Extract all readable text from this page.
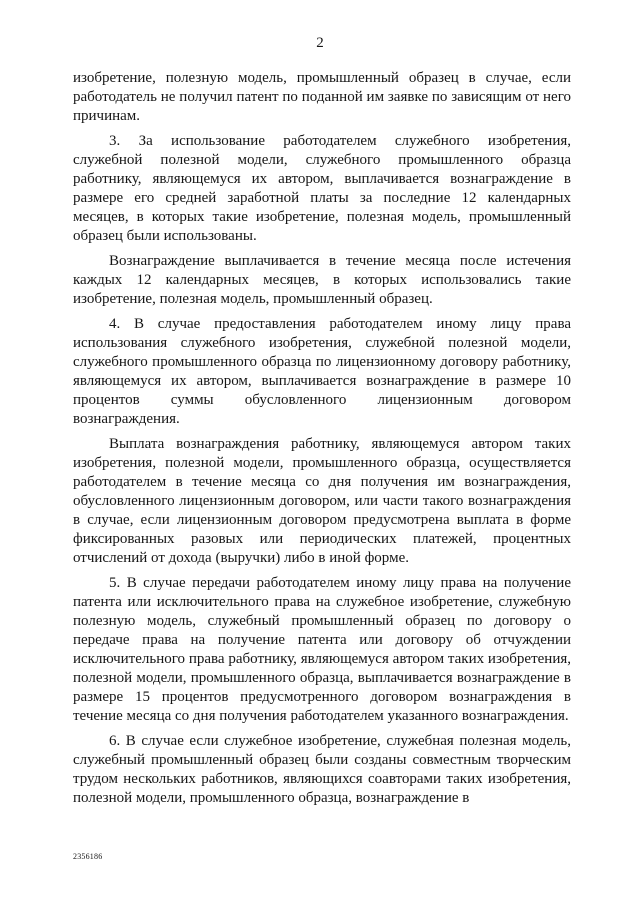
2

изобретение, полезную модель, промышленный образец в случае, если работодатель не получил патент по поданной им заявке по зависящим от него причинам.

3. За использование работодателем служебного изобретения, служебной полезной модели, служебного промышленного образца работнику, являющемуся их автором, выплачивается вознаграждение в размере его средней заработной платы за последние 12 календарных месяцев, в которых такие изобретение, полезная модель, промышленный образец были использованы.

Вознаграждение выплачивается в течение месяца после истечения каждых 12 календарных месяцев, в которых использовались такие изобретение, полезная модель, промышленный образец.

4. В случае предоставления работодателем иному лицу права использования служебного изобретения, служебной полезной модели, служебного промышленного образца по лицензионному договору работнику, являющемуся их автором, выплачивается вознаграждение в размере 10 процентов суммы обусловленного лицензионным договором вознаграждения.

Выплата вознаграждения работнику, являющемуся автором таких изобретения, полезной модели, промышленного образца, осуществляется работодателем в течение месяца со дня получения им вознаграждения, обусловленного лицензионным договором, или части такого вознаграждения в случае, если лицензионным договором предусмотрена выплата в форме фиксированных разовых или периодических платежей, процентных отчислений от дохода (выручки) либо в иной форме.

5. В случае передачи работодателем иному лицу права на получение патента или исключительного права на служебное изобретение, служебную полезную модель, служебный промышленный образец по договору о передаче права на получение патента или договору об отчуждении исключительного права работнику, являющемуся автором таких изобретения, полезной модели, промышленного образца, выплачивается вознаграждение в размере 15 процентов предусмотренного договором вознаграждения в течение месяца со дня получения работодателем указанного вознаграждения.

6. В случае если служебное изобретение, служебная полезная модель, служебный промышленный образец были созданы совместным творческим трудом нескольких работников, являющихся соавторами таких изобретения, полезной модели, промышленного образца, вознаграждение в

2356186
